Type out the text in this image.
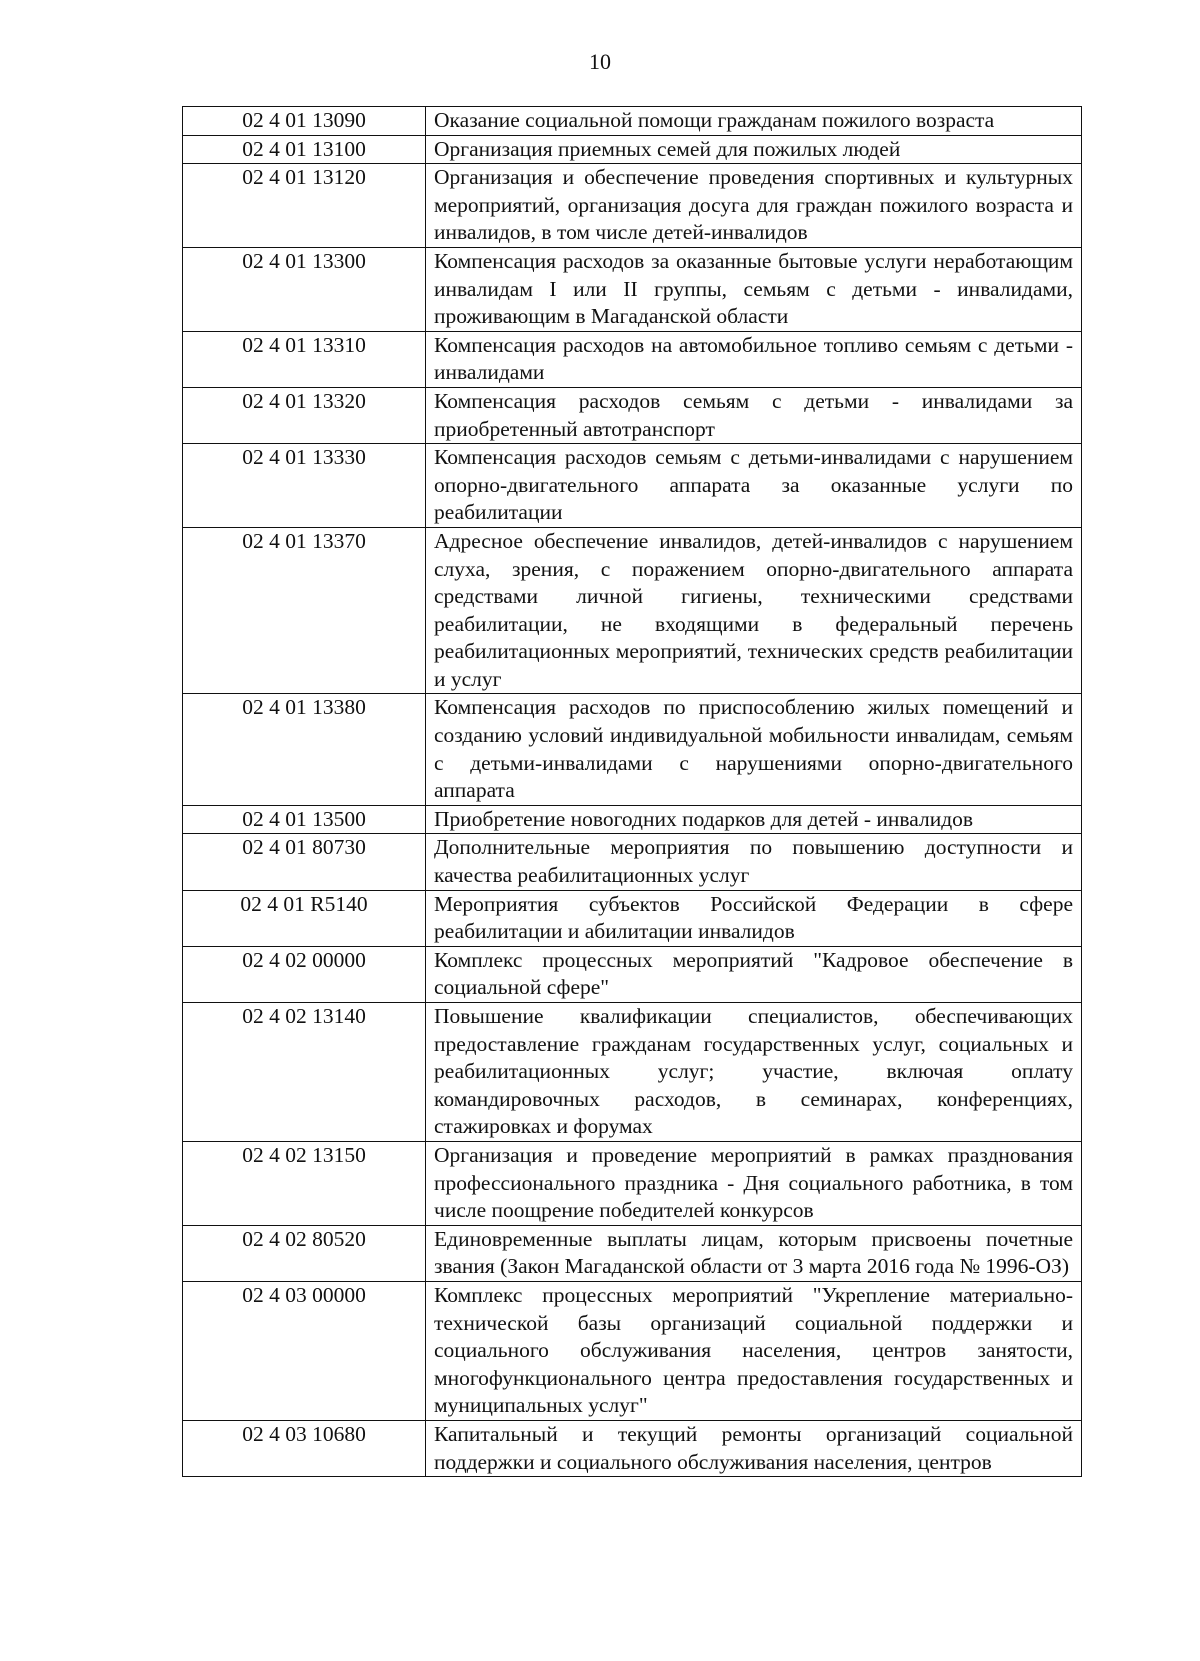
10
02 4 01 13090	Оказание социальной помощи гражданам пожилого возраста
02 4 01 13100	Организация приемных семей для пожилых людей
02 4 01 13120	Организация и обеспечение проведения спортивных и культурных мероприятий, организация досуга для граждан пожилого возраста и инвалидов, в том числе детей-инвалидов
02 4 01 13300	Компенсация расходов за оказанные бытовые услуги неработающим инвалидам I или II группы, семьям с детьми - инвалидами, проживающим в Магаданской области
02 4 01 13310	Компенсация расходов на автомобильное топливо семьям с детьми - инвалидами
02 4 01 13320	Компенсация расходов семьям с детьми - инвалидами за приобретенный автотранспорт
02 4 01 13330	Компенсация расходов семьям с детьми-инвалидами с нарушением опорно-двигательного аппарата за оказанные услуги по реабилитации
02 4 01 13370	Адресное обеспечение инвалидов, детей-инвалидов с нарушением слуха, зрения, с поражением опорно-двигательного аппарата средствами личной гигиены, техническими средствами реабилитации, не входящими в федеральный перечень реабилитационных мероприятий, технических средств реабилитации и услуг
02 4 01 13380	Компенсация расходов по приспособлению жилых помещений и созданию условий индивидуальной мобильности инвалидам, семьям с детьми-инвалидами с нарушениями опорно-двигательного аппарата
02 4 01 13500	Приобретение новогодних подарков для детей - инвалидов
02 4 01 80730	Дополнительные мероприятия по повышению доступности и качества реабилитационных услуг
02 4 01 R5140	Мероприятия субъектов Российской Федерации в сфере реабилитации и абилитации инвалидов
02 4 02 00000	Комплекс процессных мероприятий "Кадровое обеспечение в социальной сфере"
02 4 02 13140	Повышение квалификации специалистов, обеспечивающих предоставление гражданам государственных услуг, социальных и реабилитационных услуг; участие, включая оплату командировочных расходов, в семинарах, конференциях, стажировках и форумах
02 4 02 13150	Организация и проведение мероприятий в рамках празднования профессионального праздника - Дня социального работника, в том числе поощрение победителей конкурсов
02 4 02 80520	Единовременные выплаты лицам, которым присвоены почетные звания (Закон Магаданской области от 3 марта 2016 года № 1996-ОЗ)
02 4 03 00000	Комплекс процессных мероприятий "Укрепление материально-технической базы организаций социальной поддержки и социального обслуживания населения, центров занятости, многофункционального центра предоставления государственных и муниципальных услуг"
02 4 03 10680	Капитальный и текущий ремонты организаций социальной поддержки и социального обслуживания населения, центров
